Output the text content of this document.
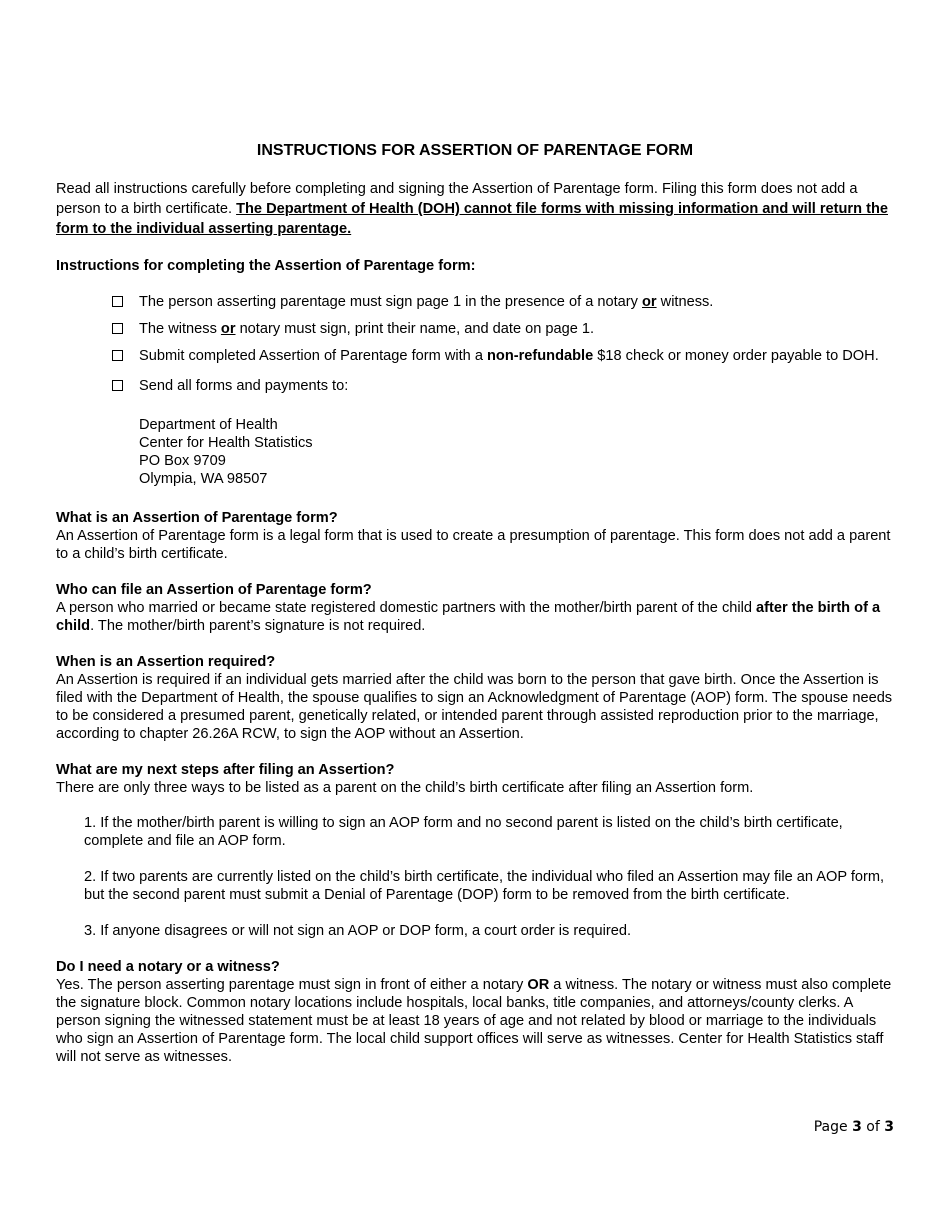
INSTRUCTIONS FOR ASSERTION OF PARENTAGE FORM

Read all instructions carefully before completing and signing the Assertion of Parentage form. Filing this form does not add a person to a birth certificate. The Department of Health (DOH) cannot file forms with missing information and will return the form to the individual asserting parentage.

Instructions for completing the Assertion of Parentage form:

The person asserting parentage must sign page 1 in the presence of a notary or witness.
The witness or notary must sign, print their name, and date on page 1.
Submit completed Assertion of Parentage form with a non-refundable $18 check or money order payable to DOH.
Send all forms and payments to:
Department of Health
Center for Health Statistics
PO Box 9709
Olympia, WA 98507

What is an Assertion of Parentage form?

An Assertion of Parentage form is a legal form that is used to create a presumption of parentage. This form does not add a parent to a child’s birth certificate.

Who can file an Assertion of Parentage form?

A person who married or became state registered domestic partners with the mother/birth parent of the child after the birth of a child. The mother/birth parent’s signature is not required.

When is an Assertion required?

An Assertion is required if an individual gets married after the child was born to the person that gave birth. Once the Assertion is filed with the Department of Health, the spouse qualifies to sign an Acknowledgment of Parentage (AOP) form. The spouse needs to be considered a presumed parent, genetically related, or intended parent through assisted reproduction prior to the marriage, according to chapter 26.26A RCW, to sign the AOP without an Assertion.

What are my next steps after filing an Assertion?

There are only three ways to be listed as a parent on the child’s birth certificate after filing an Assertion form.

1. If the mother/birth parent is willing to sign an AOP form and no second parent is listed on the child’s birth certificate, complete and file an AOP form.

2. If two parents are currently listed on the child’s birth certificate, the individual who filed an Assertion may file an AOP form, but the second parent must submit a Denial of Parentage (DOP) form to be removed from the birth certificate.

3. If anyone disagrees or will not sign an AOP or DOP form, a court order is required.

Do I need a notary or a witness?

Yes. The person asserting parentage must sign in front of either a notary OR a witness. The notary or witness must also complete the signature block. Common notary locations include hospitals, local banks, title companies, and attorneys/county clerks. A person signing the witnessed statement must be at least 18 years of age and not related by blood or marriage to the individuals who sign an Assertion of Parentage form. The local child support offices will serve as witnesses. Center for Health Statistics staff will not serve as witnesses.

Page 3 of 3
